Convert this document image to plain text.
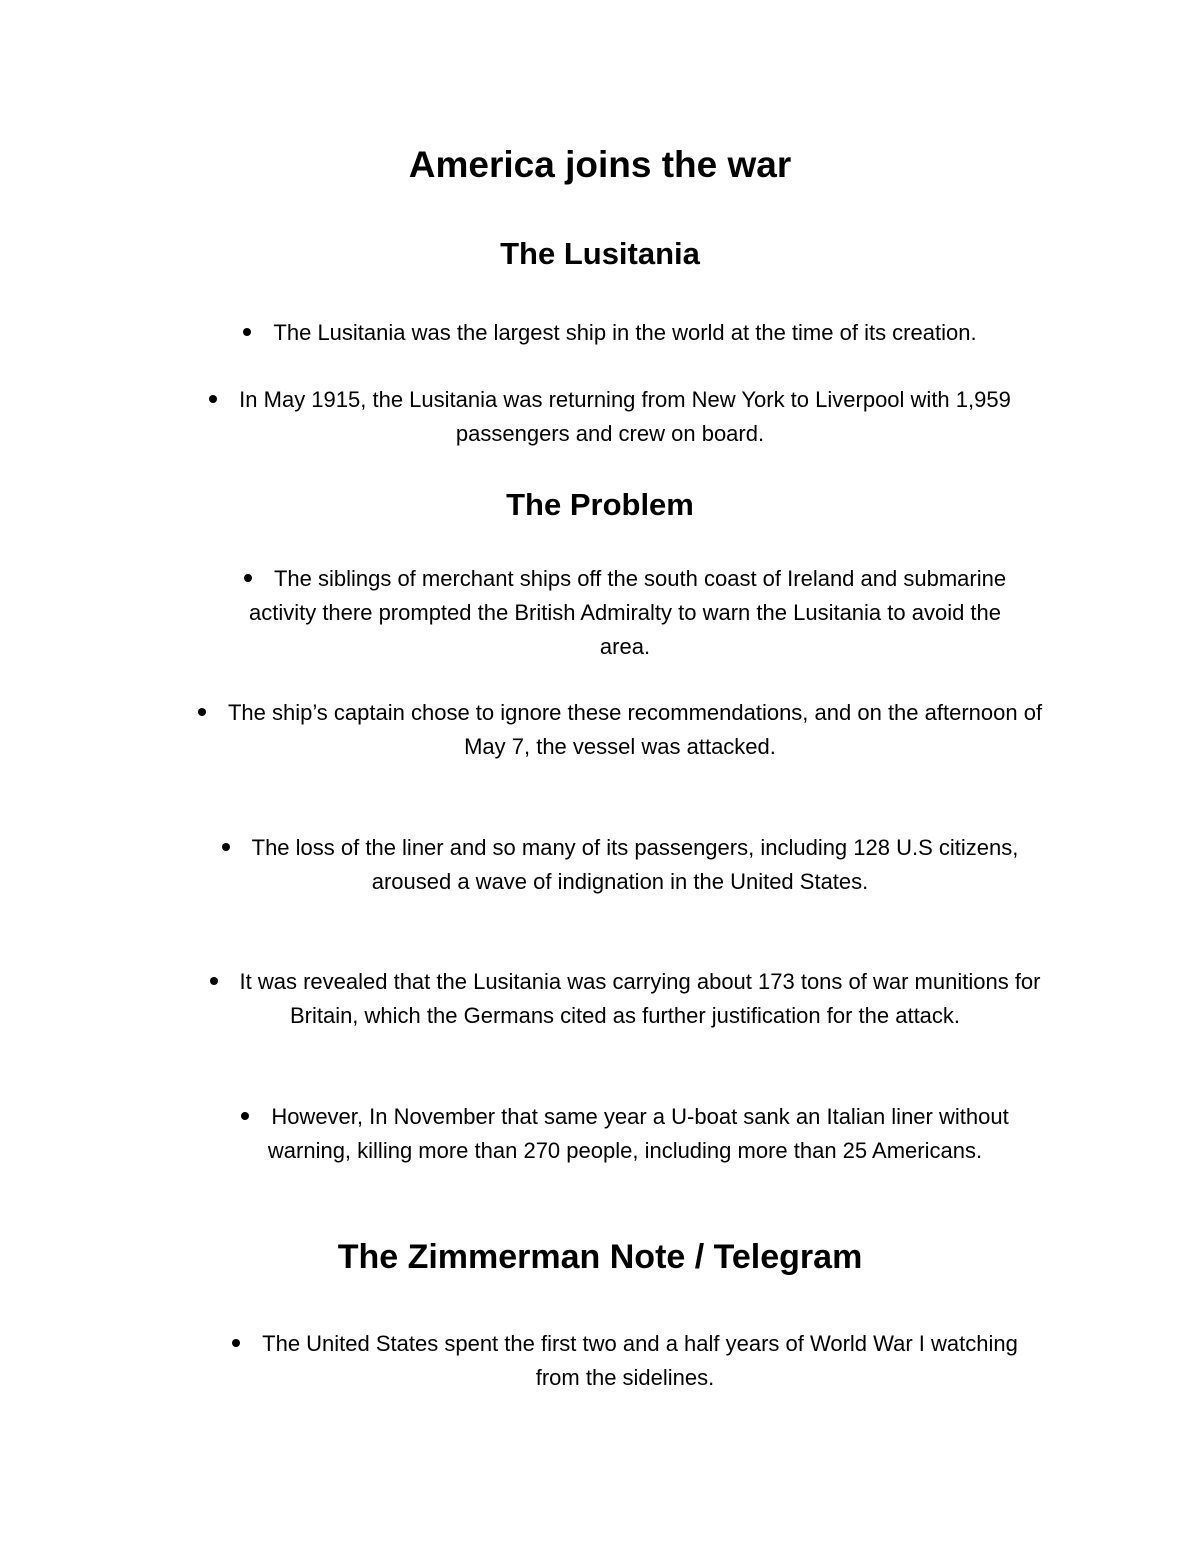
America joins the war
The Lusitania

The Lusitania was the largest ship in the world at the time of its creation.

In May 1915, the Lusitania was returning from New York to Liverpool with 1,959 passengers and crew on board.

The Problem

The siblings of merchant ships off the south coast of Ireland and submarine activity there prompted the British Admiralty to warn the Lusitania to avoid the area.

The ship’s captain chose to ignore these recommendations, and on the afternoon of May 7, the vessel was attacked.

The loss of the liner and so many of its passengers, including 128 U.S citizens, aroused a wave of indignation in the United States.

It was revealed that the Lusitania was carrying about 173 tons of war munitions for Britain, which the Germans cited as further justification for the attack.

However, In November that same year a U-boat sank an Italian liner without warning, killing more than 270 people, including more than 25 Americans.

The Zimmerman Note / Telegram

The United States spent the first two and a half years of World War I watching from the sidelines.
